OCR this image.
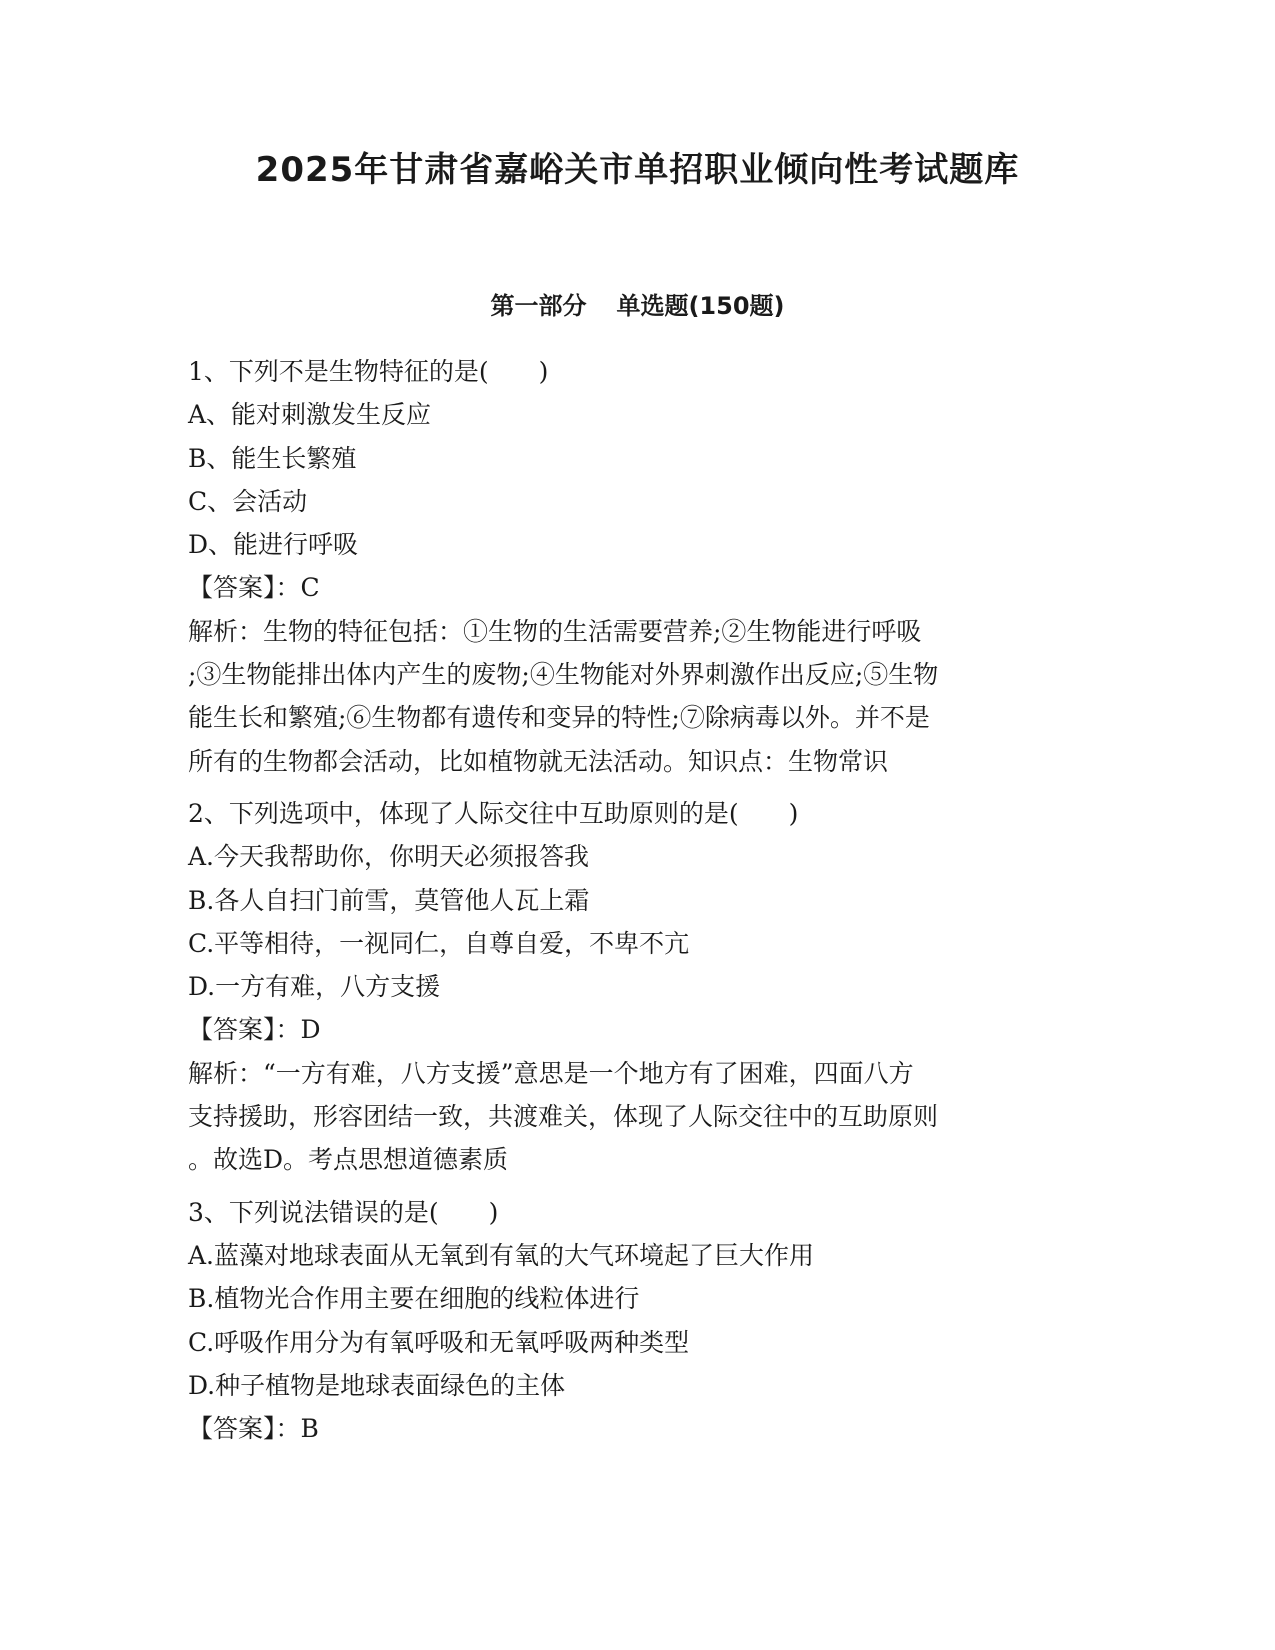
2025年甘肃省嘉峪关市单招职业倾向性考试题库
第一部分 单选题(150题)

1、下列不是生物特征的是(　　)

A、能对刺激发生反应

B、能生长繁殖

C、会活动

D、能进行呼吸

【答案】：C

解析：生物的特征包括：①生物的生活需要营养;②生物能进行呼吸
;③生物能排出体内产生的废物;④生物能对外界刺激作出反应;⑤生物
能生长和繁殖;⑥生物都有遗传和变异的特性;⑦除病毒以外。并不是
所有的生物都会活动，比如植物就无法活动。知识点：生物常识

2、下列选项中，体现了人际交往中互助原则的是(　　)

A.今天我帮助你，你明天必须报答我

B.各人自扫门前雪，莫管他人瓦上霜

C.平等相待，一视同仁，自尊自爱，不卑不亢

D.一方有难，八方支援

【答案】：D

解析：“一方有难，八方支援”意思是一个地方有了困难，四面八方
支持援助，形容团结一致，共渡难关，体现了人际交往中的互助原则
。故选D。考点思想道德素质

3、下列说法错误的是(　　)

A.蓝藻对地球表面从无氧到有氧的大气环境起了巨大作用

B.植物光合作用主要在细胞的线粒体进行

C.呼吸作用分为有氧呼吸和无氧呼吸两种类型

D.种子植物是地球表面绿色的主体

【答案】：B
